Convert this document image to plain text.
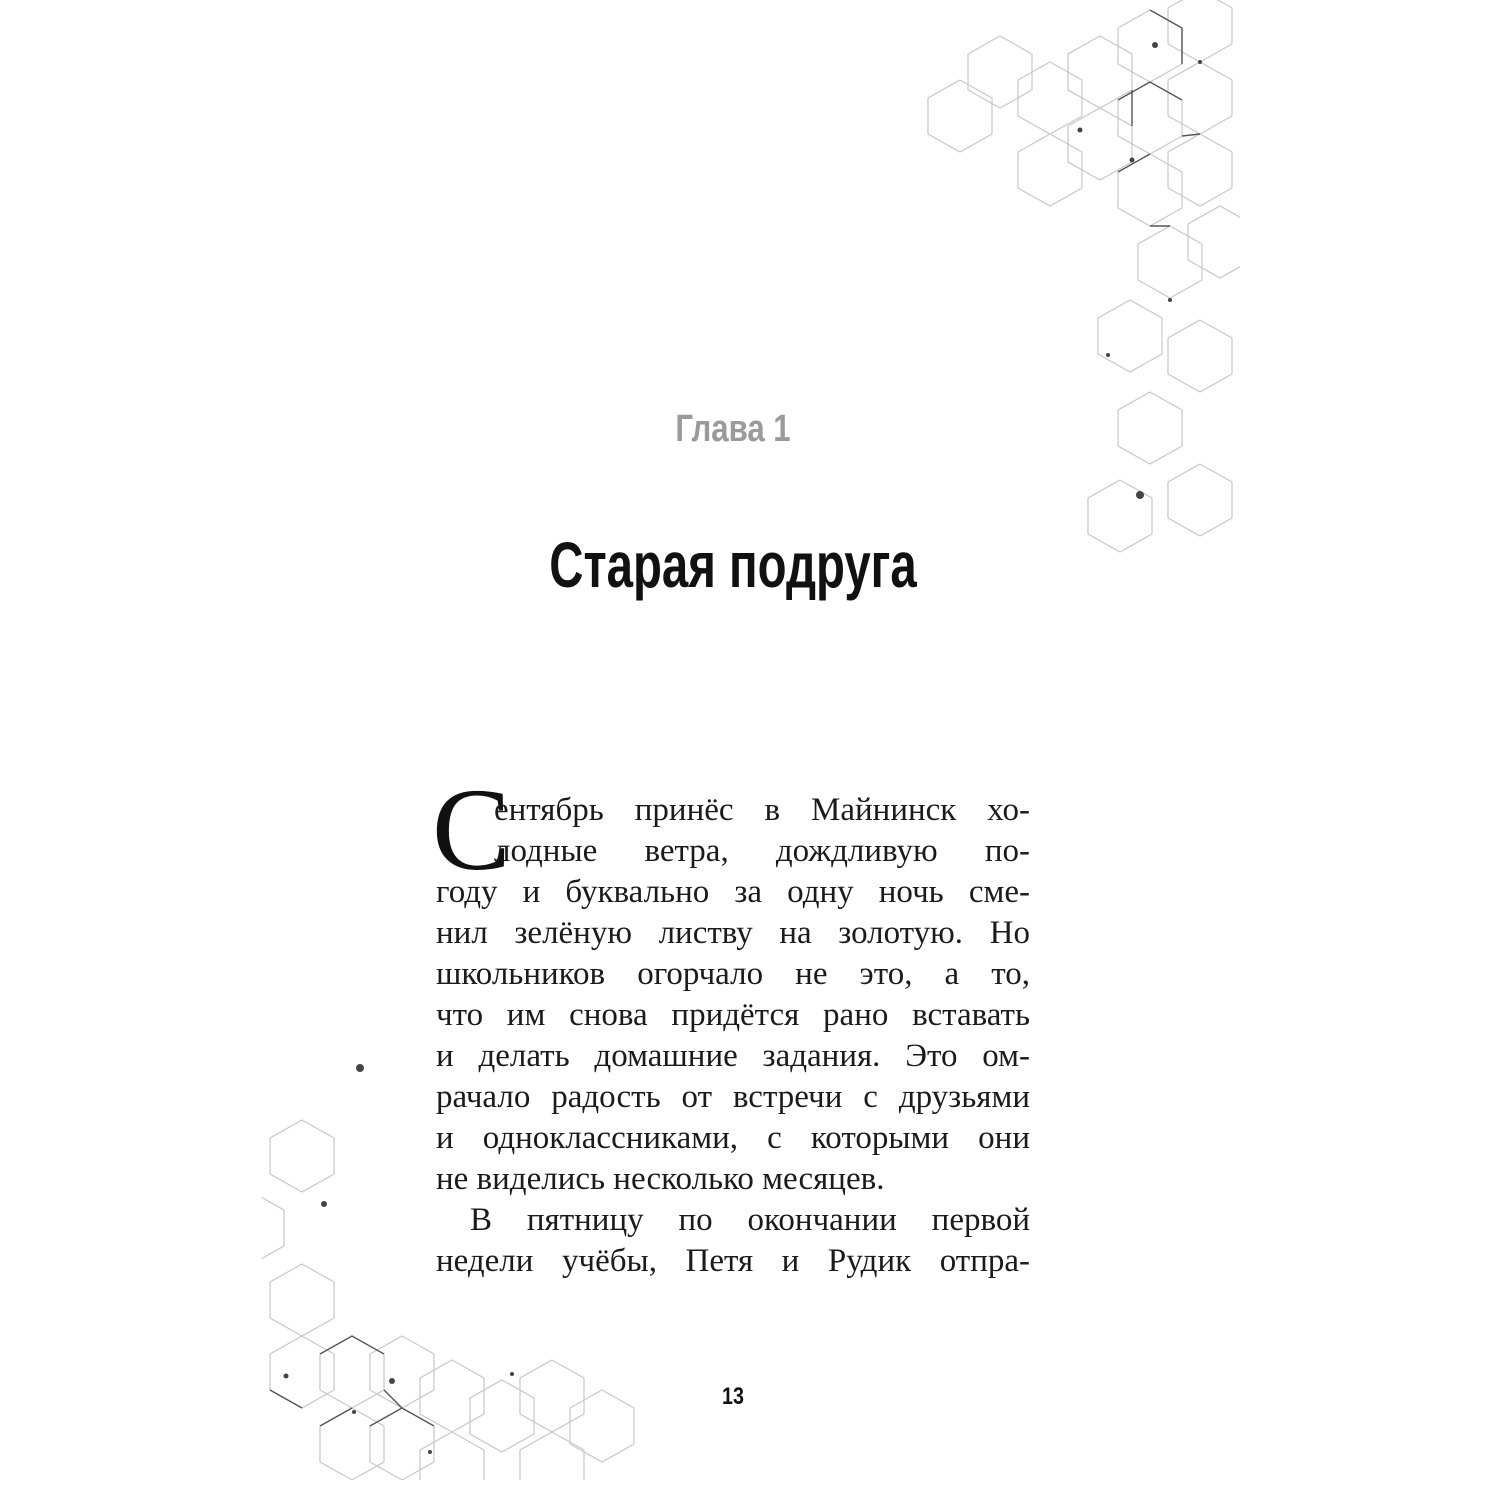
Глава 1
Старая подруга
С

ентябрь принёс в Майнинск хо-

лодные ветра, дождливую по-

году и буквально за одну ночь сме-

нил зелёную листву на золотую. Но

школьников огорчало не это, а то,

что им снова придётся рано вставать

и делать домашние задания. Это ом-

рачало радость от встречи с друзьями

и одноклассниками, с которыми они

не виделись несколько месяцев.

В пятницу по окончании первой

недели учёбы, Петя и Рудик отпра-

13
